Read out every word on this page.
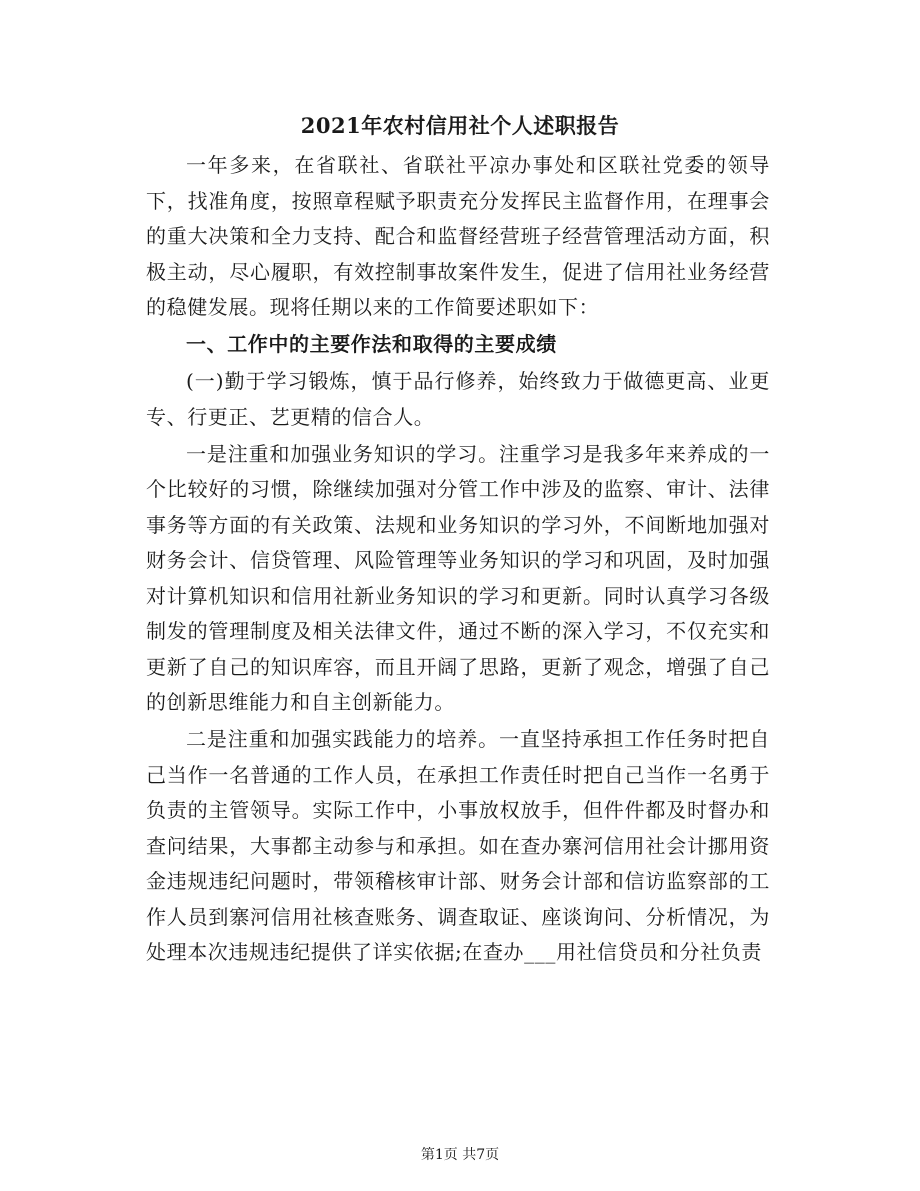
2021年农村信用社个人述职报告

一年多来，在省联社、省联社平凉办事处和区联社党委的领导下，找准角度，按照章程赋予职责充分发挥民主监督作用，在理事会的重大决策和全力支持、配合和监督经营班子经营管理活动方面，积极主动，尽心履职，有效控制事故案件发生，促进了信用社业务经营的稳健发展。现将任期以来的工作简要述职如下：

一、工作中的主要作法和取得的主要成绩

(一)勤于学习锻炼，慎于品行修养，始终致力于做德更高、业更专、行更正、艺更精的信合人。

一是注重和加强业务知识的学习。注重学习是我多年来养成的一个比较好的习惯，除继续加强对分管工作中涉及的监察、审计、法律事务等方面的有关政策、法规和业务知识的学习外，不间断地加强对财务会计、信贷管理、风险管理等业务知识的学习和巩固，及时加强对计算机知识和信用社新业务知识的学习和更新。同时认真学习各级制发的管理制度及相关法律文件，通过不断的深入学习，不仅充实和更新了自己的知识库容，而且开阔了思路，更新了观念，增强了自己的创新思维能力和自主创新能力。

二是注重和加强实践能力的培养。一直坚持承担工作任务时把自己当作一名普通的工作人员，在承担工作责任时把自己当作一名勇于负责的主管领导。实际工作中，小事放权放手，但件件都及时督办和查问结果，大事都主动参与和承担。如在查办寨河信用社会计挪用资金违规违纪问题时，带领稽核审计部、财务会计部和信访监察部的工作人员到寨河信用社核查账务、调查取证、座谈询问、分析情况，为处理本次违规违纪提供了详实依据;在查办___用社信贷员和分社负责

第1页 共7页
